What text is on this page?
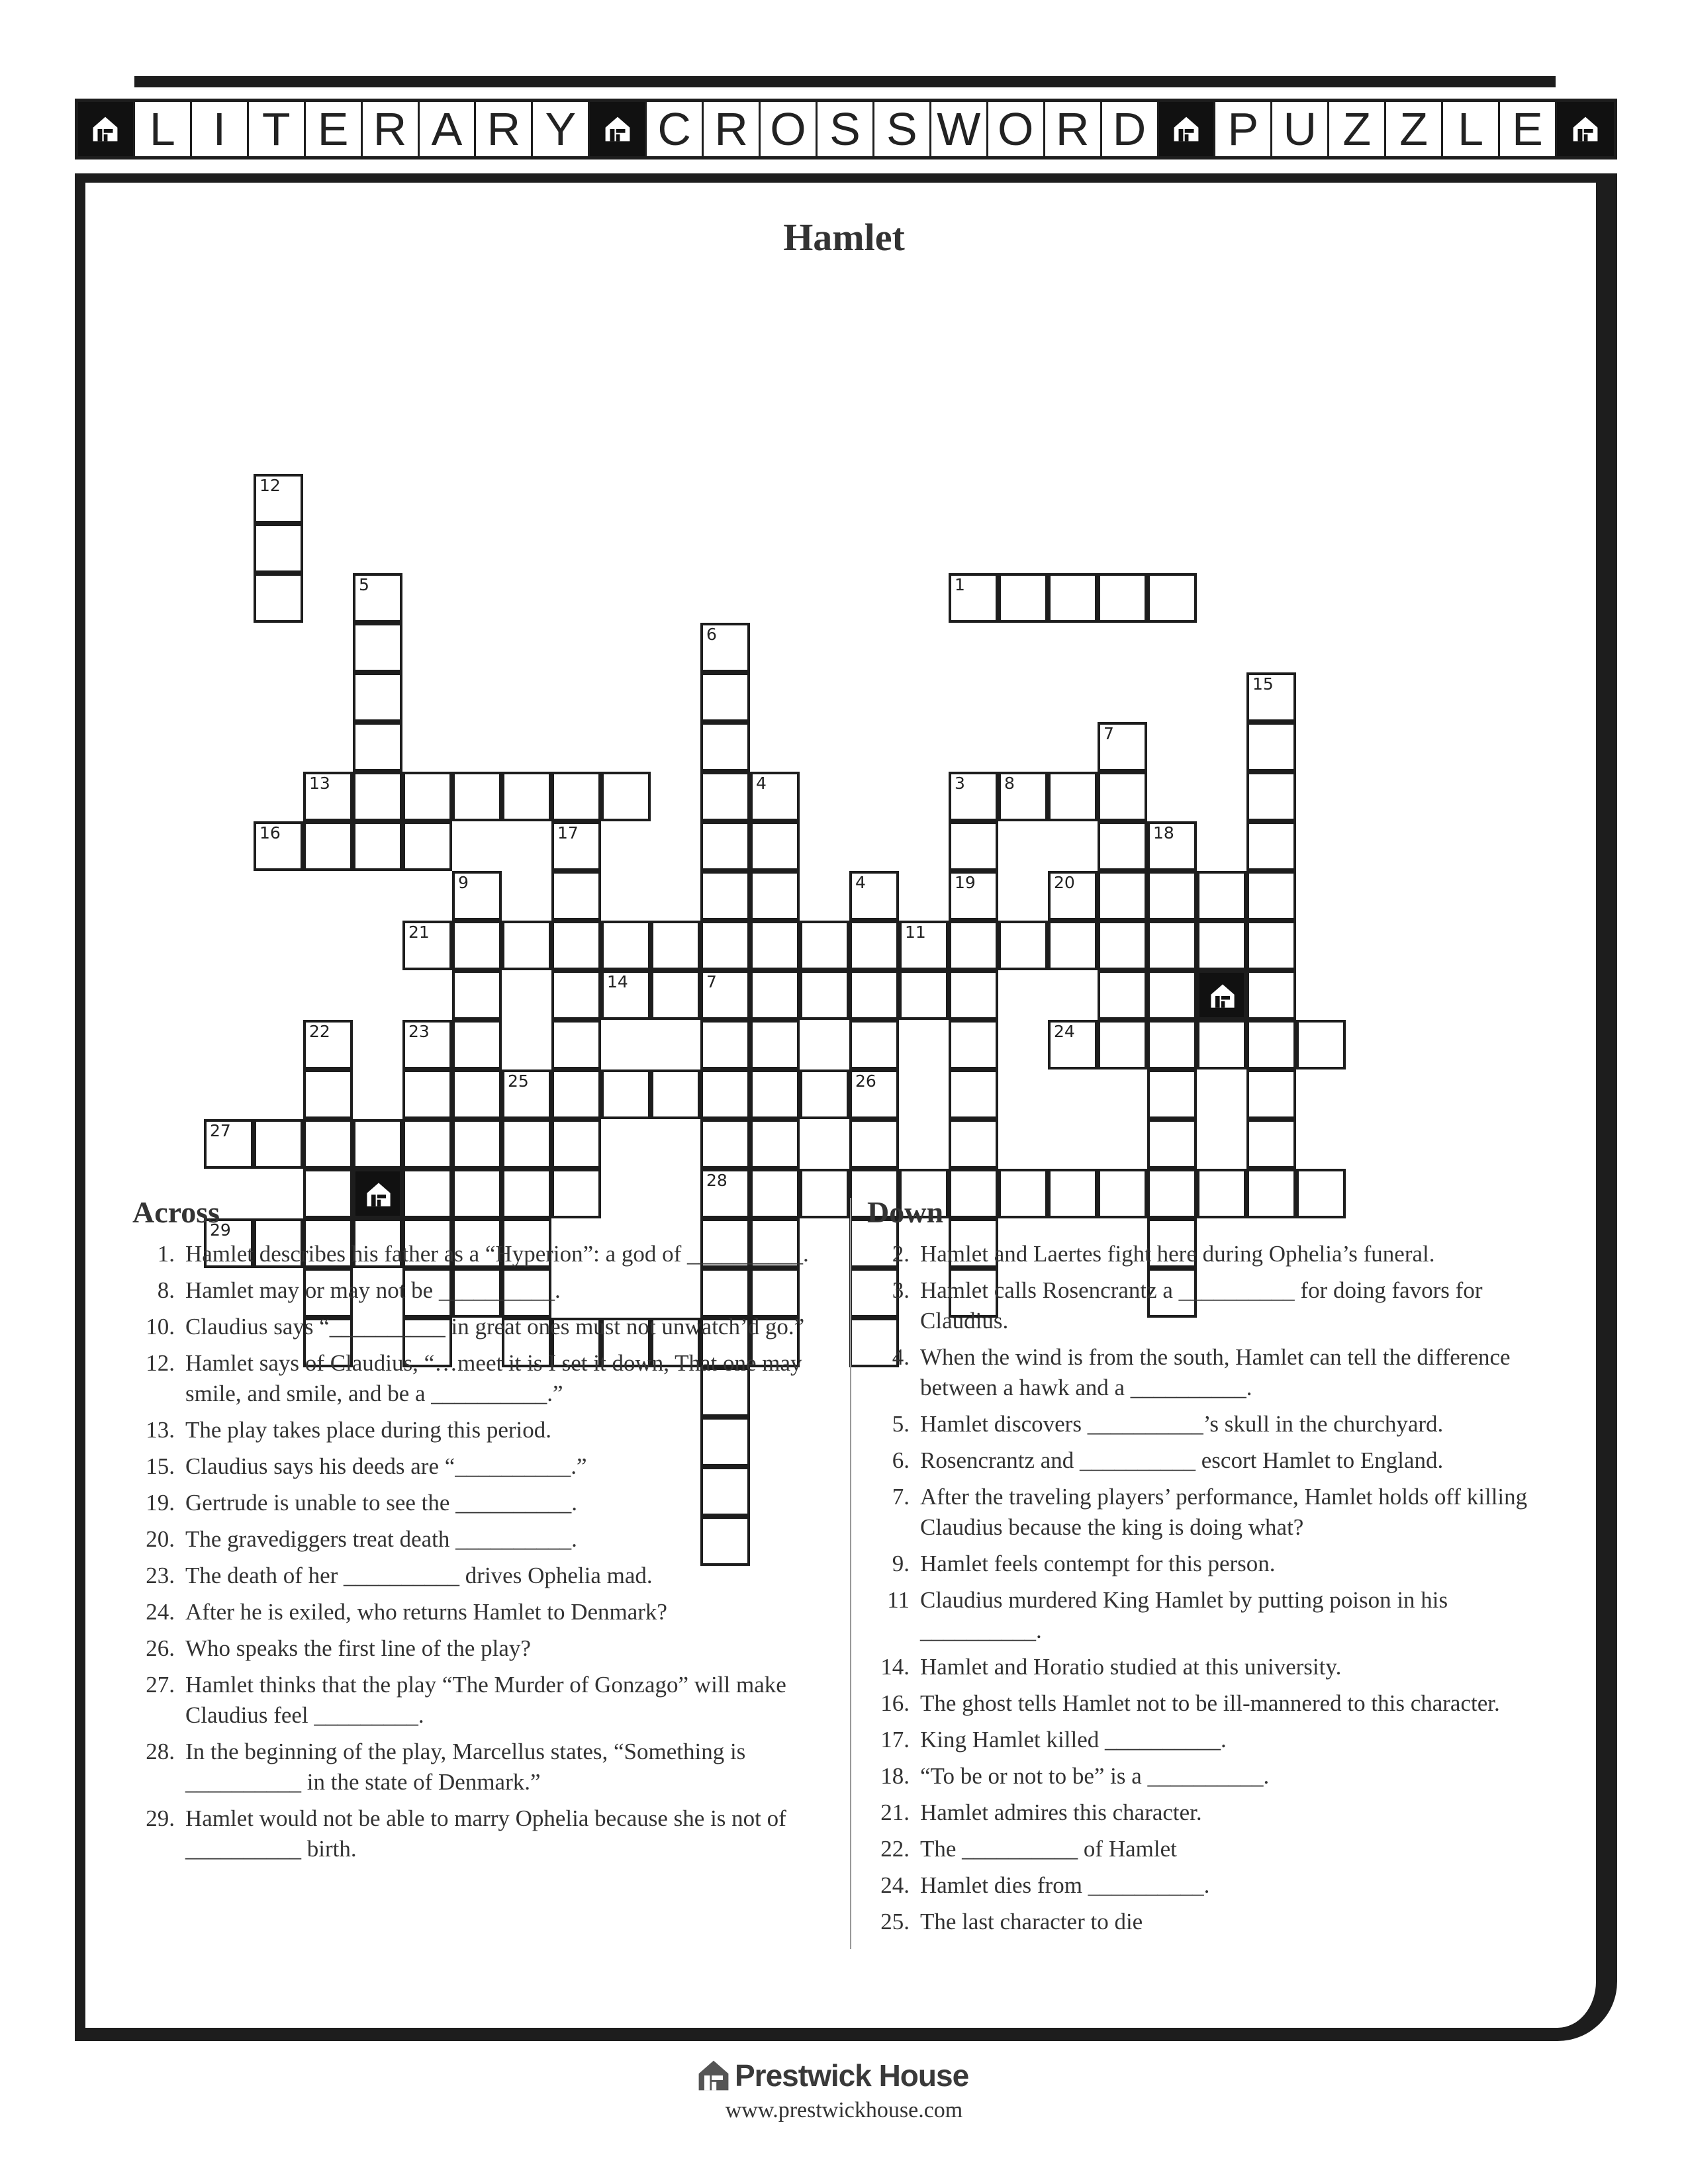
L I T E R A R Y	C R O S S W O R D P U Z Z L E
Hamlet
1
3
19
4
4
26
5
6
7
28
7
8
9
11
12
13
14
15
16	17	18
20
21
22	23	24
25
27
29
Across
1. Hamlet describes his father as a “Hyperion”: a god of __________.
8. Hamlet may or may not be __________.
10. Claudius says “__________ in great ones must not unwatch’d go.”
12. Hamlet says of Claudius, “…meet it is I set it down, That one may smile, and smile, and be a __________.”
13. The play takes place during this period.
15. Claudius says his deeds are “__________.”
19. Gertrude is unable to see the __________.
20. The gravediggers treat death __________.
23. The death of her __________ drives Ophelia mad.
24. After he is exiled, who returns Hamlet to Denmark?
26. Who speaks the first line of the play?
27. Hamlet thinks that the play “The Murder of Gonzago” will make Claudius feel _________.
28. In the beginning of the play, Marcellus states, “Something is __________ in the state of Denmark.”
29. Hamlet would not be able to marry Ophelia because she is not of __________ birth.
Down
2. Hamlet and Laertes fight here during Ophelia’s funeral.
3. Hamlet calls Rosencrantz a __________ for doing favors for Claudius.
4. When the wind is from the south, Hamlet can tell the difference between a hawk and a __________.
5. Hamlet discovers __________’s skull in the churchyard.
6. Rosencrantz and __________ escort Hamlet to England.
7. After the traveling players’ performance, Hamlet holds off killing Claudius because the king is doing what?
9. Hamlet feels contempt for this person.
11 Claudius murdered King Hamlet by putting poison in his __________.
14. Hamlet and Horatio studied at this university.
16. The ghost tells Hamlet not to be ill-mannered to this character.
17. King Hamlet killed __________.
18. “To be or not to be” is a __________.
21. Hamlet admires this character.
22. The __________ of Hamlet
24. Hamlet dies from __________.
25. The last character to die
Prestwick House
www.prestwickhouse.com
